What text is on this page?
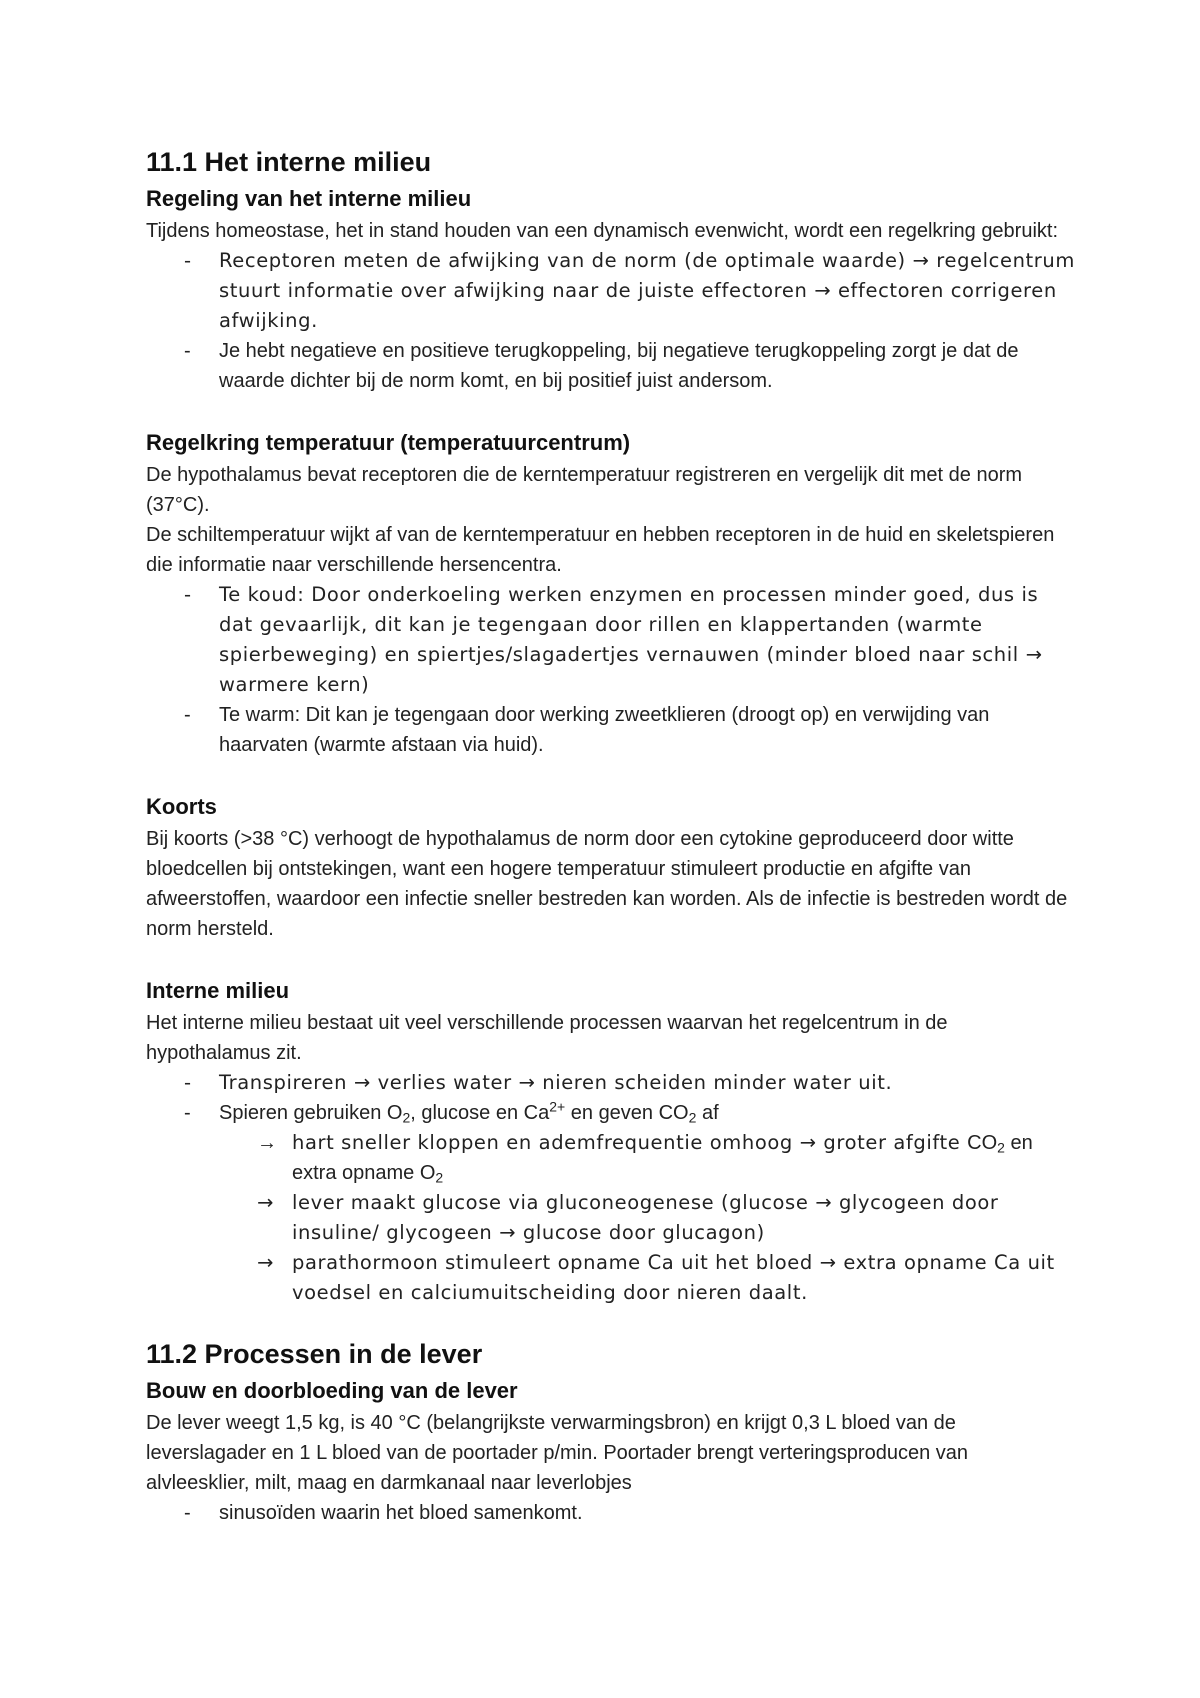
11.1 Het interne milieu
Regeling van het interne milieu

Tijdens homeostase, het in stand houden van een dynamisch evenwicht, wordt een regelkring gebruikt:

- Receptoren meten de afwijking van de norm (de optimale waarde) → regelcentrum stuurt informatie over afwijking naar de juiste effectoren → effectoren corrigeren afwijking.
- Je hebt negatieve en positieve terugkoppeling, bij negatieve terugkoppeling zorgt je dat de waarde dichter bij de norm komt, en bij positief juist andersom.
Regelkring temperatuur (temperatuurcentrum)

De hypothalamus bevat receptoren die de kerntemperatuur registreren en vergelijk dit met de norm (37°C).

De schiltemperatuur wijkt af van de kerntemperatuur en hebben receptoren in de huid en skeletspieren die informatie naar verschillende hersencentra.

- Te koud: Door onderkoeling werken enzymen en processen minder goed, dus is dat gevaarlijk, dit kan je tegengaan door rillen en klappertanden (warmte spierbeweging) en spiertjes/slagadertjes vernauwen (minder bloed naar schil → warmere kern)
- Te warm: Dit kan je tegengaan door werking zweetklieren (droogt op) en verwijding van haarvaten (warmte afstaan via huid).
Koorts

Bij koorts (>38 °C) verhoogt de hypothalamus de norm door een cytokine geproduceerd door witte bloedcellen bij ontstekingen, want een hogere temperatuur stimuleert productie en afgifte van afweerstoffen, waardoor een infectie sneller bestreden kan worden. Als de infectie is bestreden wordt de norm hersteld.

Interne milieu

Het interne milieu bestaat uit veel verschillende processen waarvan het regelcentrum in de hypothalamus zit.

- Transpireren → verlies water → nieren scheiden minder water uit.
- Spieren gebruiken $O_2$, glucose en $Ca^{2+}$ en geven $CO_2$ af
→ hart sneller kloppen en ademfrequentie omhoog → groter afgifte $CO_2$ en extra opname $O_2$
→ lever maakt glucose via gluconeogenese (glucose → glycogeen door insuline/ glycogeen → glucose door glucagon)
→ parathormoon stimuleert opname Ca uit het bloed → extra opname Ca uit voedsel en calciumuitscheiding door nieren daalt.
11.2 Processen in de lever
Bouw en doorbloeding van de lever

De lever weegt 1,5 kg, is 40 °C (belangrijkste verwarmingsbron) en krijgt 0,3 L bloed van de leverslagader en 1 L bloed van de poortader p/min. Poortader brengt verteringsproducen van alvleesklier, milt, maag en darmkanaal naar leverlobjes

- sinusoïden waarin het bloed samenkomt.
